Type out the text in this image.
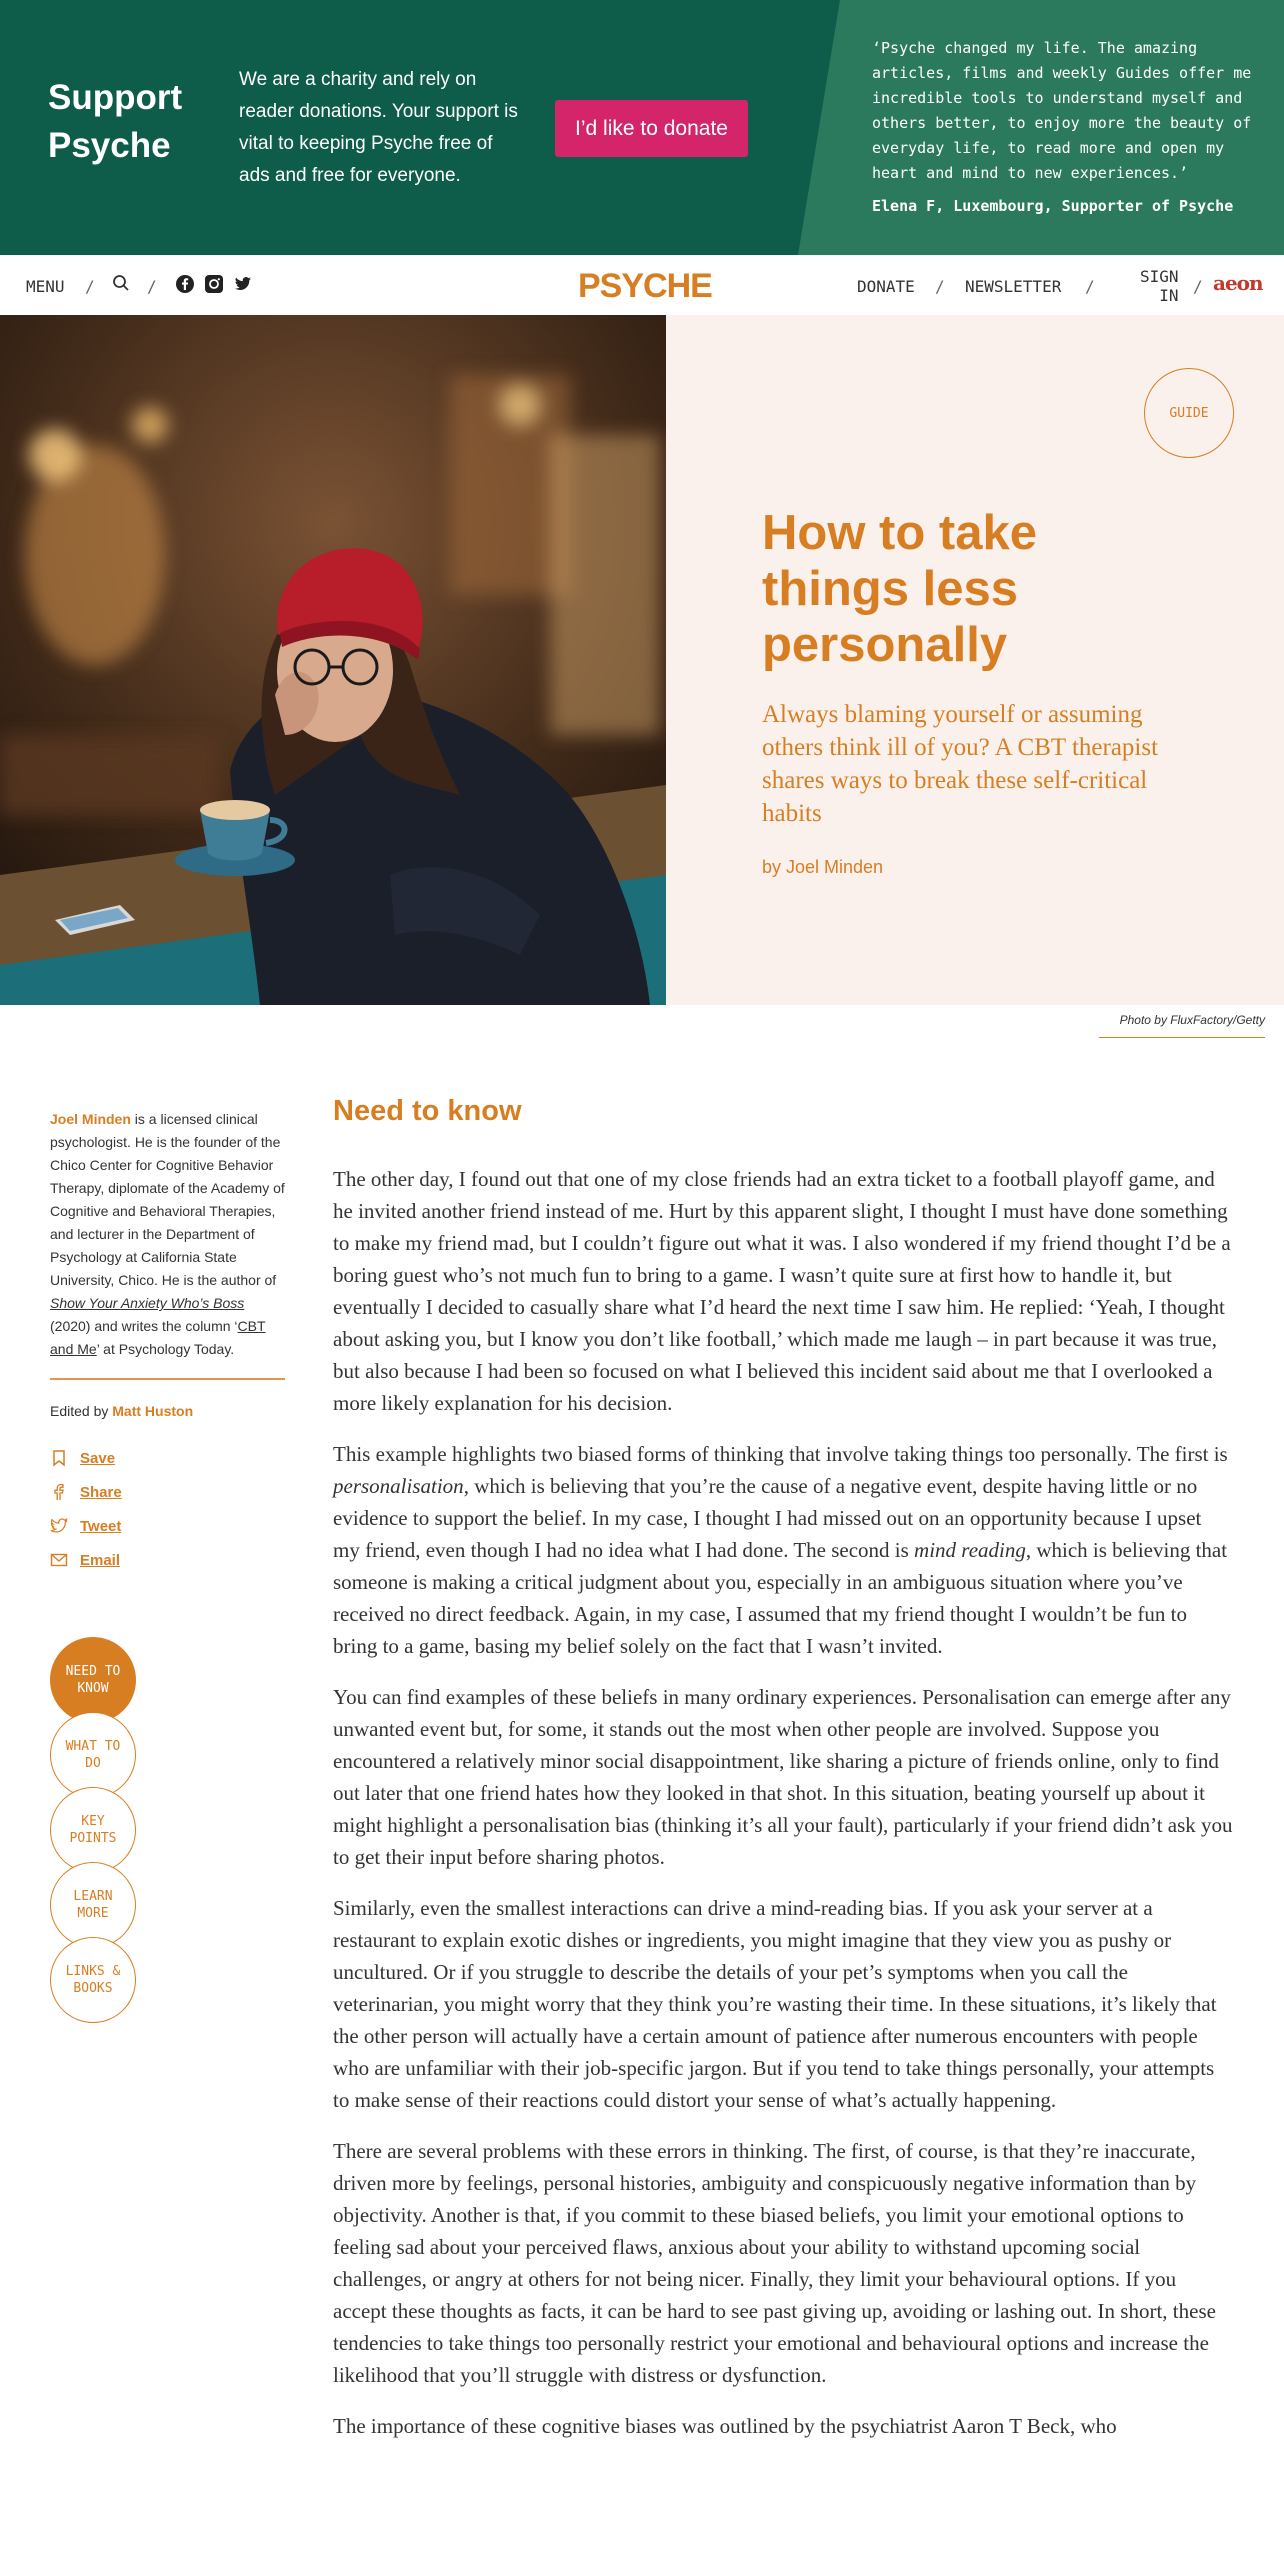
Support
Psyche
We are a charity and rely on reader donations. Your support is vital to keeping Psyche free of ads and free for everyone.
I’d like to donate
‘Psyche changed my life. The amazing articles, films and weekly Guides offer me incredible tools to understand myself and others better, to enjoy more the beauty of everyday life, to read more and open my heart and mind to new experiences.’
Elena F, Luxembourg, Supporter of Psyche
MENU /	/	PSYCHE	DONATE / NEWSLETTER /
SIGN
IN / aeon
GUIDE
How to take things less personally

Always blaming yourself or assuming others think ill of you? A CBT therapist shares ways to break these self-critical habits

by Joel Minden
Photo by FluxFactory/Getty

Joel Minden is a licensed clinical psychologist. He is the founder of the Chico Center for Cognitive Behavior Therapy, diplomate of the Academy of Cognitive and Behavioral Therapies, and lecturer in the Department of Psychology at California State University, Chico. He is the author of Show Your Anxiety Who’s Boss (2020) and writes the column ‘CBT and Me’ at Psychology Today.

Edited by Matt Huston

Save
Share
Tweet
Email
NEED TO
KNOW
WHAT TO
DO
KEY
POINTS
LEARN
MORE
LINKS &
BOOKS
Need to know

The other day, I found out that one of my close friends had an extra ticket to a football playoff game, and he invited another friend instead of me. Hurt by this apparent slight, I thought I must have done something to make my friend mad, but I couldn’t figure out what it was. I also wondered if my friend thought I’d be a boring guest who’s not much fun to bring to a game. I wasn’t quite sure at first how to handle it, but eventually I decided to casually share what I’d heard the next time I saw him. He replied: ‘Yeah, I thought about asking you, but I know you don’t like football,’ which made me laugh – in part because it was true, but also because I had been so focused on what I believed this incident said about me that I overlooked a more likely explanation for his decision.

This example highlights two biased forms of thinking that involve taking things too personally. The first is personalisation, which is believing that you’re the cause of a negative event, despite having little or no evidence to support the belief. In my case, I thought I had missed out on an opportunity because I upset my friend, even though I had no idea what I had done. The second is mind reading, which is believing that someone is making a critical judgment about you, especially in an ambiguous situation where you’ve received no direct feedback. Again, in my case, I assumed that my friend thought I wouldn’t be fun to bring to a game, basing my belief solely on the fact that I wasn’t invited.

You can find examples of these beliefs in many ordinary experiences. Personalisation can emerge after any unwanted event but, for some, it stands out the most when other people are involved. Suppose you encountered a relatively minor social disappointment, like sharing a picture of friends online, only to find out later that one friend hates how they looked in that shot. In this situation, beating yourself up about it might highlight a personalisation bias (thinking it’s all your fault), particularly if your friend didn’t ask you to get their input before sharing photos.

Similarly, even the smallest interactions can drive a mind-reading bias. If you ask your server at a restaurant to explain exotic dishes or ingredients, you might imagine that they view you as pushy or uncultured. Or if you struggle to describe the details of your pet’s symptoms when you call the veterinarian, you might worry that they think you’re wasting their time. In these situations, it’s likely that the other person will actually have a certain amount of patience after numerous encounters with people who are unfamiliar with their job-specific jargon. But if you tend to take things personally, your attempts to make sense of their reactions could distort your sense of what’s actually happening.

There are several problems with these errors in thinking. The first, of course, is that they’re inaccurate, driven more by feelings, personal histories, ambiguity and conspicuously negative information than by objectivity. Another is that, if you commit to these biased beliefs, you limit your emotional options to feeling sad about your perceived flaws, anxious about your ability to withstand upcoming social challenges, or angry at others for not being nicer. Finally, they limit your behavioural options. If you accept these thoughts as facts, it can be hard to see past giving up, avoiding or lashing out. In short, these tendencies to take things too personally restrict your emotional and behavioural options and increase the likelihood that you’ll struggle with distress or dysfunction.

The importance of these cognitive biases was outlined by the psychiatrist Aaron T Beck, who
